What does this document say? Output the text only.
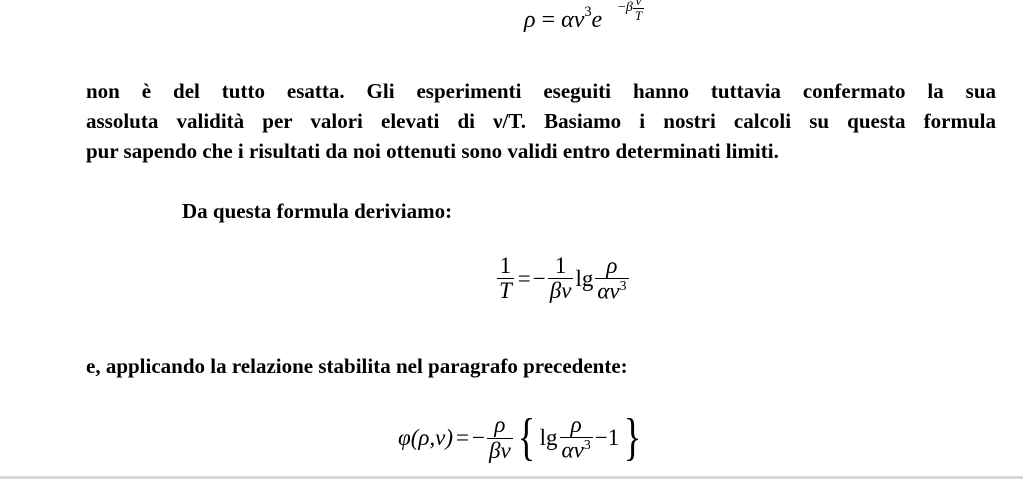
$\rho = \alpha\nu^3e - \beta \frac{\nu}{T}$
non è del tutto esatta. Gli esperimenti eseguiti hanno tuttavia confermato la sua
assoluta validità per valori elevati di ν/T. Basiamo i nostri calcoli su questa formula
pur sapendo che i risultati da noi ottenuti sono validi entro determinati limiti.
Da questa formula deriviamo:
$\frac{1}{T}$ = − $\frac{1}{\beta\nu}$ $\lg \frac{\rho}{\alpha\nu^3}$
e, applicando la relazione stabilita nel paragrafo precedente:
φ(ρ,ν) = − $\frac{\rho}{\beta\nu}$ { $\lg \frac{\rho}{\alpha\nu^3} -1$ }
